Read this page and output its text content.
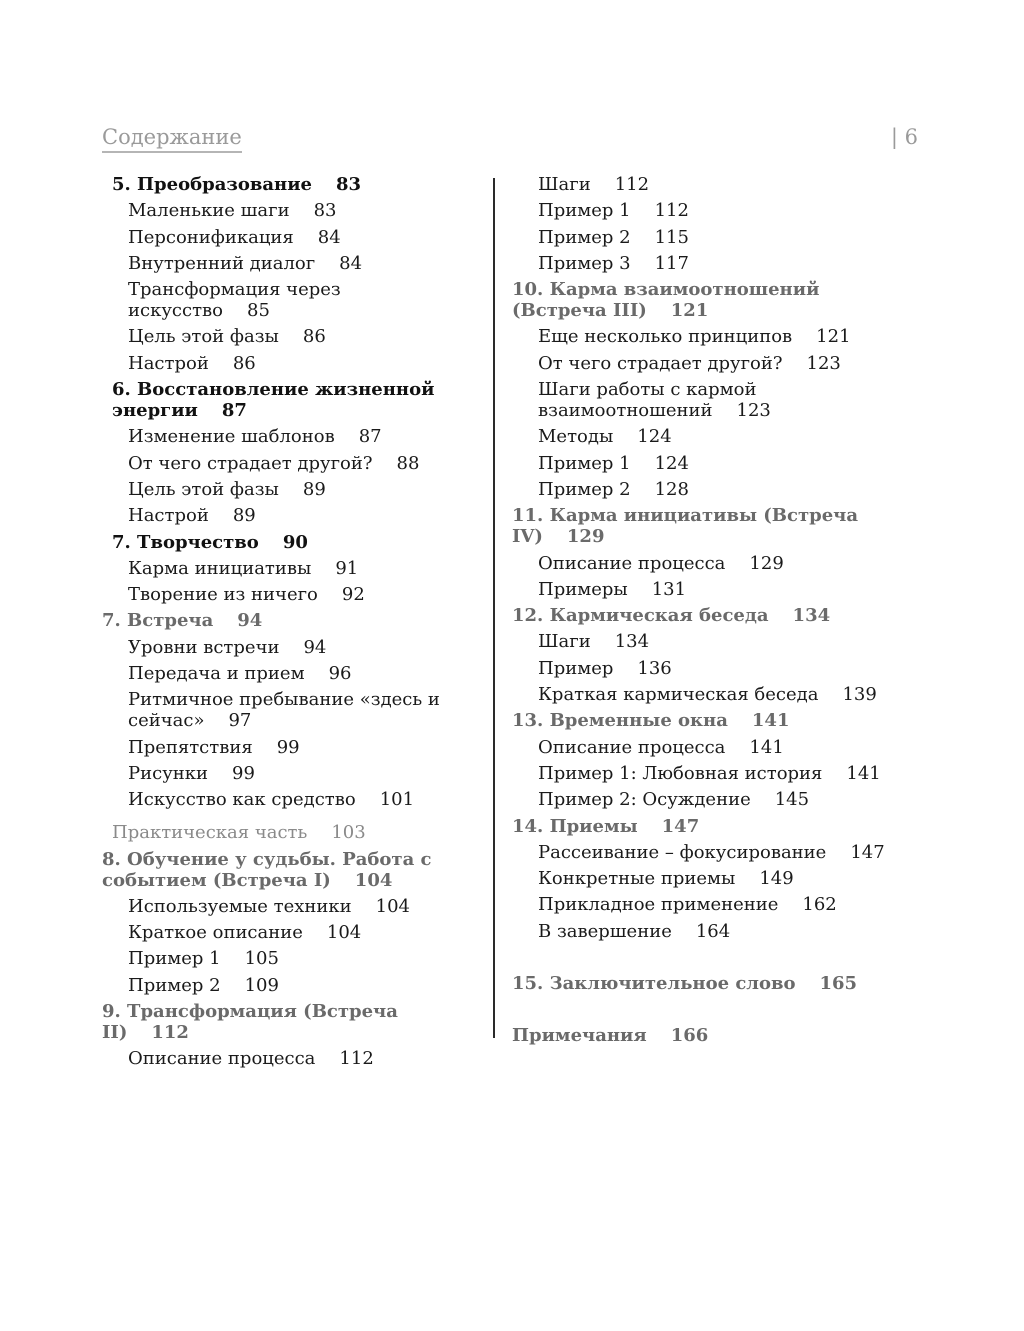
Содержание	| 6
5. Преобразование 83
Маленькие шаги 83
Персонификация 84
Внутренний диалог 84
Трансформация через искусство 85
Цель этой фазы 86
Настрой 86
6. Восстановление жизненной энергии 87
Изменение шаблонов 87
От чего страдает другой? 88
Цель этой фазы 89
Настрой 89
7. Творчество 90
Карма инициативы 91
Творение из ничего 92
7. Встреча 94
Уровни встречи 94
Передача и прием 96
Ритмичное пребывание «здесь и сейчас» 97
Препятствия 99
Рисунки 99
Искусство как средство 101
Практическая часть 103
8. Обучение у судьбы. Работа с событием (Встреча I) 104
Используемые техники 104
Краткое описание 104
Пример 1 105
Пример 2 109
9. Трансформация (Встреча II) 112
Описание процесса 112
Шаги 112
Пример 1 112
Пример 2 115
Пример 3 117
10. Карма взаимоотношений (Встреча III) 121
Еще несколько принципов 121
От чего страдает другой? 123
Шаги работы с кармой взаимоотношений 123
Методы 124
Пример 1 124
Пример 2 128
11. Карма инициативы (Встреча IV) 129
Описание процесса 129
Примеры 131
12. Кармическая беседа 134
Шаги 134
Пример 136
Краткая кармическая беседа 139
13. Временные окна 141
Описание процесса 141
Пример 1: Любовная история 141
Пример 2: Осуждение 145
14. Приемы 147
Рассеивание – фокусирование 147
Конкретные приемы 149
Прикладное применение 162
В завершение 164
15. Заключительное слово 165
Примечания 166
